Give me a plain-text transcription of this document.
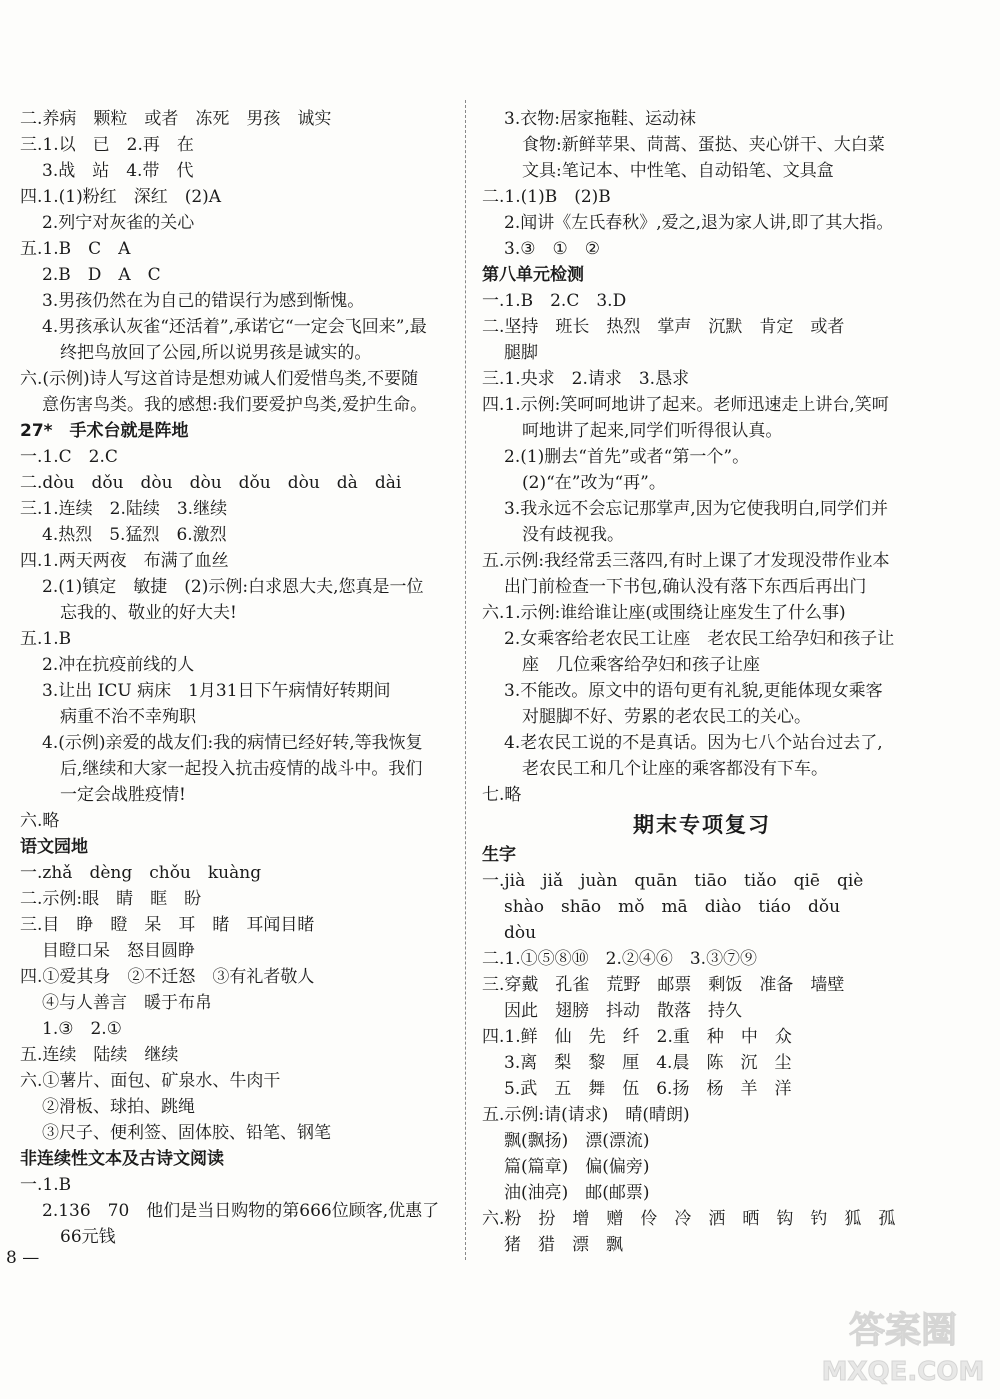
二.养病　颗粒　或者　冻死　男孩　诚实
三.1.以　已　2.再　在
3.战　站　4.带　代
四.1.(1)粉红　深红　(2)A
2.列宁对灰雀的关心
五.1.B　C　A
2.B　D　A　C
3.男孩仍然在为自己的错误行为感到惭愧。
4.男孩承认灰雀“还活着”,承诺它“一定会飞回来”,最
终把鸟放回了公园,所以说男孩是诚实的。
六.(示例)诗人写这首诗是想劝诫人们爱惜鸟类,不要随
意伤害鸟类。我的感想:我们要爱护鸟类,爱护生命。
27*　手术台就是阵地
一.1.C　2.C
二.dòu　dǒu　dòu　dòu　dǒu　dòu　dà　dài
三.1.连续　2.陆续　3.继续
4.热烈　5.猛烈　6.激烈
四.1.两天两夜　布满了血丝
2.(1)镇定　敏捷　(2)示例:白求恩大夫,您真是一位
忘我的、敬业的好大夫!
五.1.B
2.冲在抗疫前线的人
3.让出 ICU 病床　1月31日下午病情好转期间
病重不治不幸殉职
4.(示例)亲爱的战友们:我的病情已经好转,等我恢复
后,继续和大家一起投入抗击疫情的战斗中。我们
一定会战胜疫情!
六.略
语文园地
一.zhǎ　dèng　chǒu　kuàng
二.示例:眼　睛　眶　盼
三.目　睁　瞪　呆　耳　睹　耳闻目睹
目瞪口呆　怒目圆睁
四.①爱其身　②不迁怒　③有礼者敬人
④与人善言　暖于布帛
1.③　2.①
五.连续　陆续　继续
六.①薯片、面包、矿泉水、牛肉干
②滑板、球拍、跳绳
③尺子、便利签、固体胶、铅笔、钢笔
非连续性文本及古诗文阅读
一.1.B
2.136　70　他们是当日购物的第666位顾客,优惠了
66元钱
3.衣物:居家拖鞋、运动袜
食物:新鲜苹果、茼蒿、蛋挞、夹心饼干、大白菜
文具:笔记本、中性笔、自动铅笔、文具盒
二.1.(1)B　(2)B
2.闻讲《左氏春秋》,爱之,退为家人讲,即了其大指。
3.③　①　②
第八单元检测
一.1.B　2.C　3.D
二.坚持　班长　热烈　掌声　沉默　肯定　或者
腿脚
三.1.央求　2.请求　3.恳求
四.1.示例:笑呵呵地讲了起来。老师迅速走上讲台,笑呵
呵地讲了起来,同学们听得很认真。
2.(1)删去“首先”或者“第一个”。
(2)“在”改为“再”。
3.我永远不会忘记那掌声,因为它使我明白,同学们并
没有歧视我。
五.示例:我经常丢三落四,有时上课了才发现没带作业本
出门前检查一下书包,确认没有落下东西后再出门
六.1.示例:谁给谁让座(或围绕让座发生了什么事)
2.女乘客给老农民工让座　老农民工给孕妇和孩子让
座　几位乘客给孕妇和孩子让座
3.不能改。原文中的语句更有礼貌,更能体现女乘客
对腿脚不好、劳累的老农民工的关心。
4.老农民工说的不是真话。因为七八个站台过去了,
老农民工和几个让座的乘客都没有下车。
七.略
期末专项复习
生字
一.jià　jiǎ　juàn　quān　tiāo　tiǎo　qiē　qiè
shào　shāo　mǒ　mā　diào　tiáo　dǒu
dòu
二.1.①⑤⑧⑩　2.②④⑥　3.③⑦⑨
三.穿戴　孔雀　荒野　邮票　剩饭　准备　墙壁
因此　翅膀　抖动　散落　持久
四.1.鲜　仙　先　纤　2.重　种　中　众
3.离　梨　黎　厘　4.晨　陈　沉　尘
5.武　五　舞　伍　6.扬　杨　羊　洋
五.示例:请(请求)　晴(晴朗)
飘(飘扬)　漂(漂流)
篇(篇章)　偏(偏旁)
油(油亮)　邮(邮票)
六.粉　扮　增　赠　伶　冷　洒　晒　钩　钓　狐　孤
猪　猎　漂　飘
8 —
答案圈
MXQE.COM
